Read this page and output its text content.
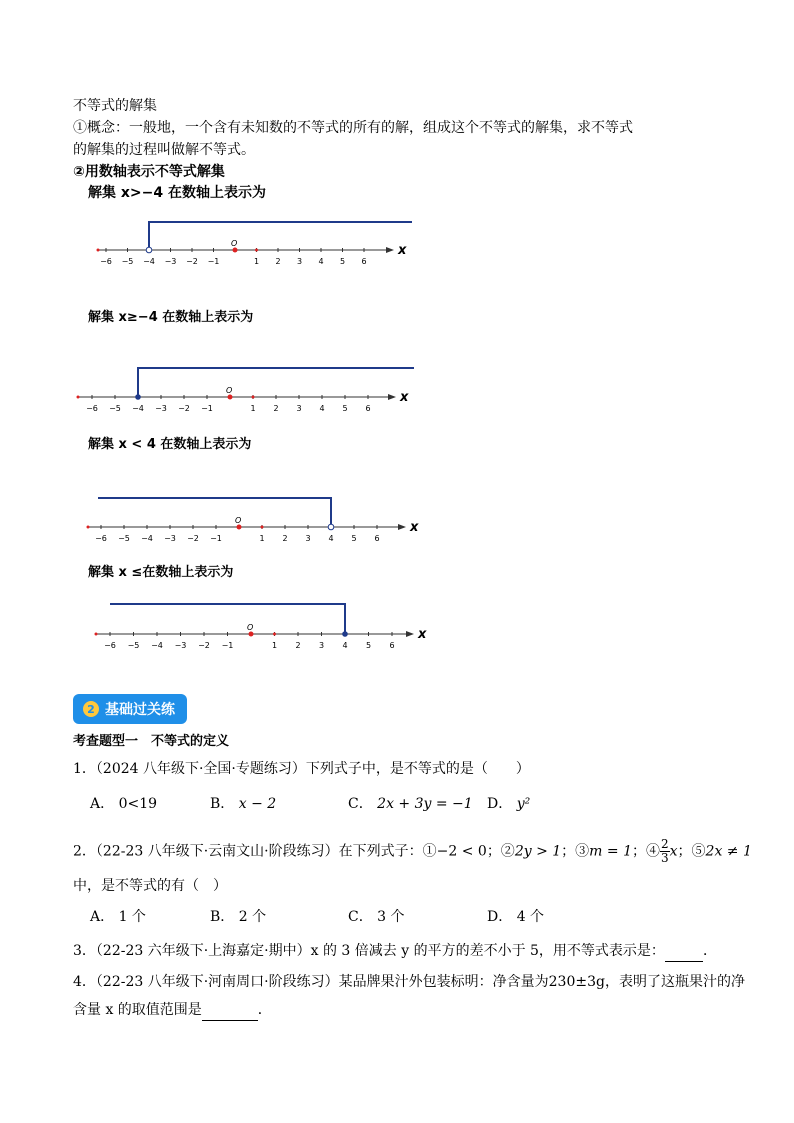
不等式的解集
①概念：一般地，一个含有未知数的不等式的所有的解，组成这个不等式的解集，求不等式
的解集的过程叫做解不等式。
②用数轴表示不等式解集
解集 x>−4 在数轴上表示为
x
−6 −5 −4 −3 −2 −1	1 2 3 4 5 6
O
解集 x≥−4 在数轴上表示为
x
−6 −5 −4 −3 −2 −1	1 2 3 4 5 6
O
解集 x < 4 在数轴上表示为
x
−6 −5 −4 −3 −2 −1	1 2 3 4 5 6
O
解集 x ≤在数轴上表示为
x
−6 −5 −4 −3 −2 −1	1 2 3 4 5 6
O
2 基础过关练
考查题型一　不等式的定义
1．（2024 八年级下·全国·专题练习）下列式子中，是不等式的是（　　）
A． 0<19	B． x − 2	C． 2x + 3y = −1 D． y²
2．（22-23 八年级下·云南文山·阶段练习）在下列式子：①−2 < 0；②2y > 1；③m = 1；④ $\frac{2}{3}$ x；⑤2x ≠ 1
中，是不等式的有（　）
A． 1 个	B． 2 个	C． 3 个	D． 4 个
3．（22-23 六年级下·上海嘉定·期中）x 的 3 倍减去 y 的平方的差不小于 5，用不等式表示是：	．
4．（22-23 八年级下·河南周口·阶段练习）某品牌果汁外包装标明：净含量为230±3g，表明了这瓶果汁的净
含量 x 的取值范围是	．
